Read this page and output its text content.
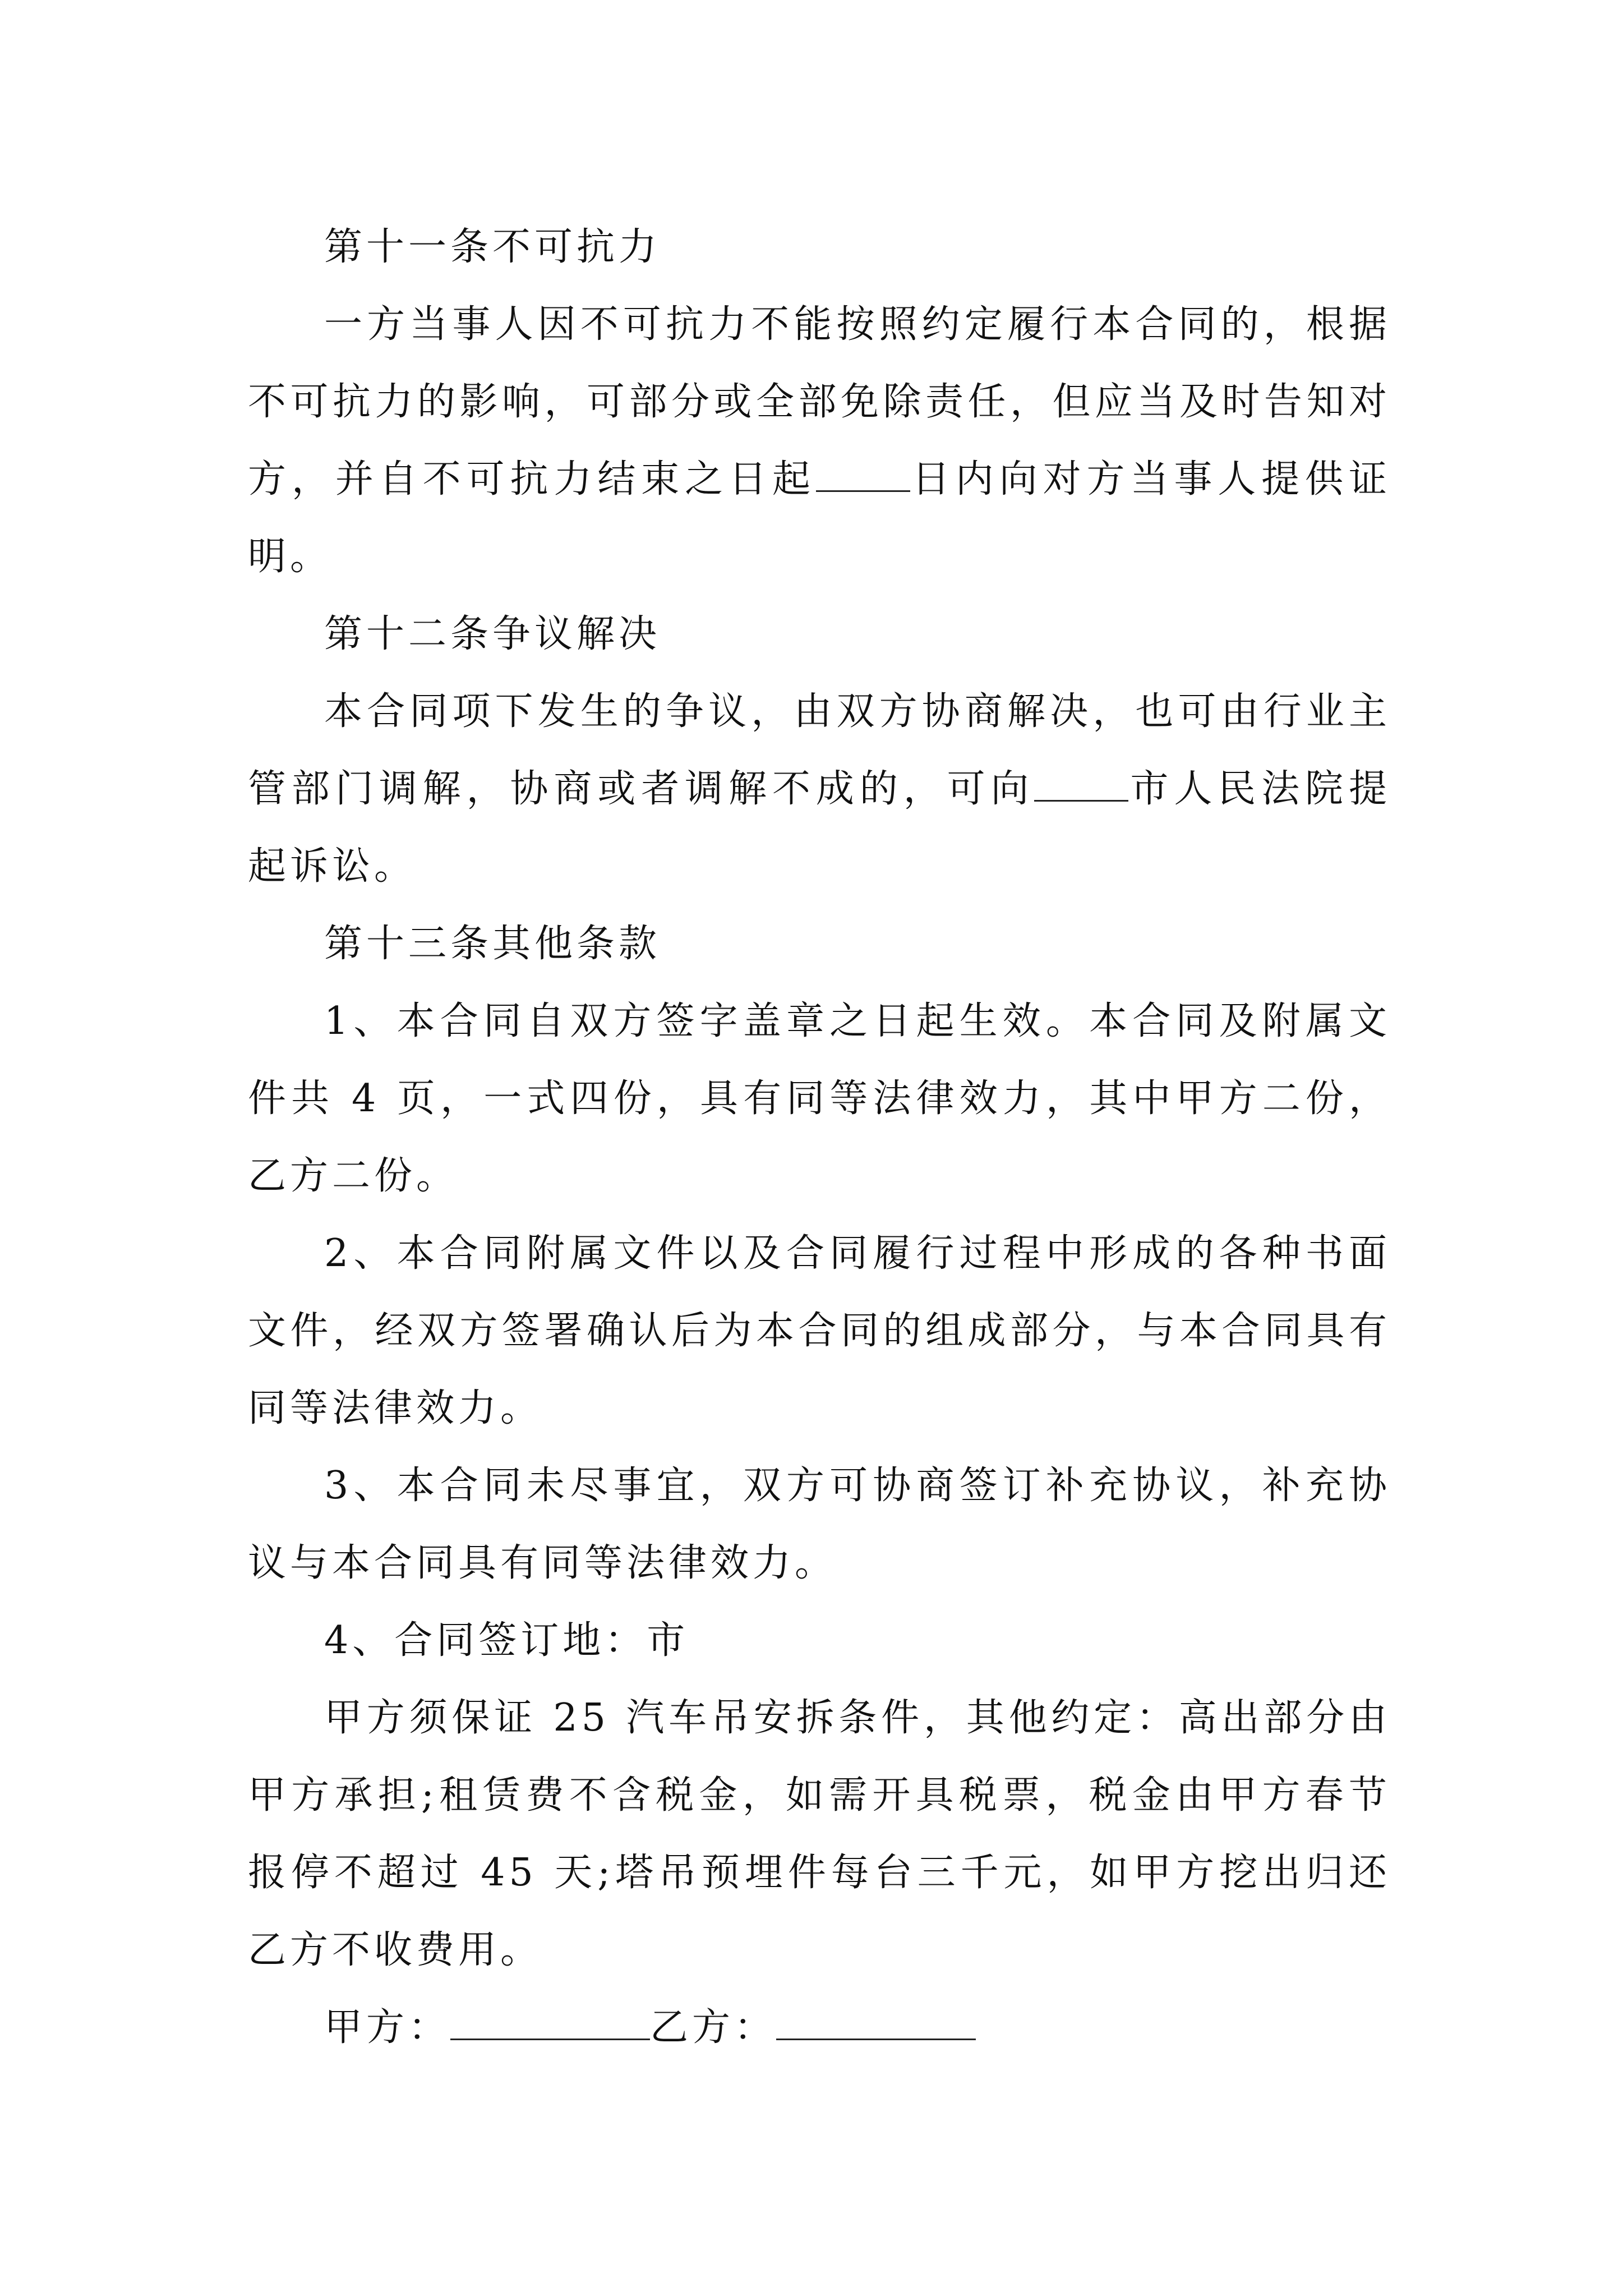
第十一条不可抗力

一方当事人因不可抗力不能按照约定履行本合同的，根据不可抗力的影响，可部分或全部免除责任，但应当及时告知对方，并自不可抗力结束之日起 日内向对方当事人提供证明。

第十二条争议解决

本合同项下发生的争议，由双方协商解决，也可由行业主管部门调解，协商或者调解不成的，可向 市人民法院提起诉讼。

第十三条其他条款

1、本合同自双方签字盖章之日起生效。本合同及附属文件共 4 页，一式四份，具有同等法律效力，其中甲方二份，乙方二份。

2、本合同附属文件以及合同履行过程中形成的各种书面文件，经双方签署确认后为本合同的组成部分，与本合同具有同等法律效力。

3、本合同未尽事宜，双方可协商签订补充协议，补充协议与本合同具有同等法律效力。

4、合同签订地：市

甲方须保证 25 汽车吊安拆条件，其他约定：高出部分由甲方承担;租赁费不含税金，如需开具税票，税金由甲方春节报停不超过 45 天;塔吊预埋件每台三千元，如甲方挖出归还乙方不收费用。

甲方：	乙方：
